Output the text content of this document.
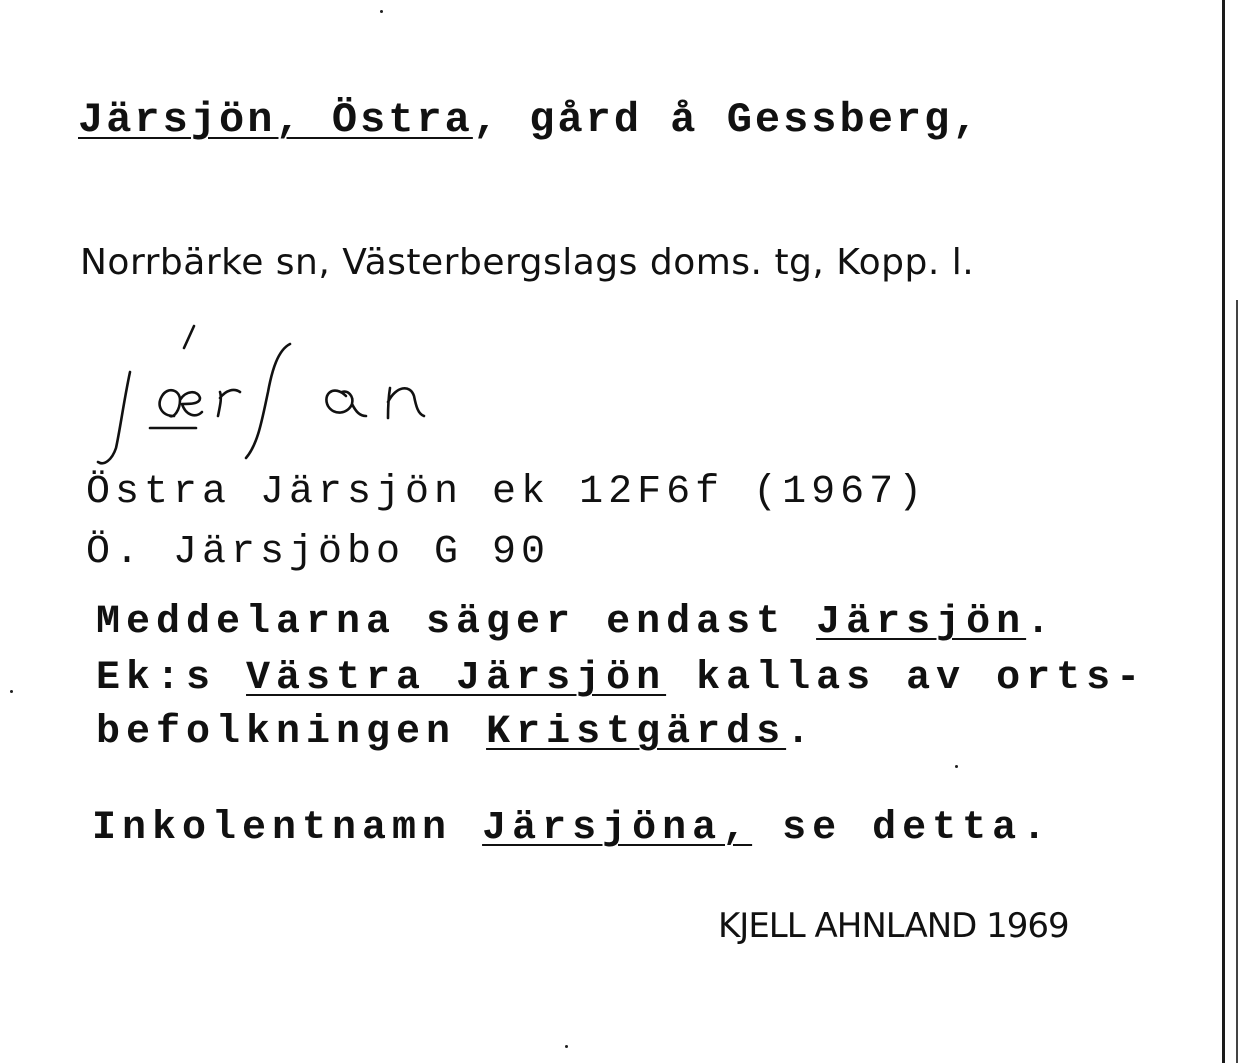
Järsjön, Östra, gård å Gessberg,
Norrbärke sn, Västerbergslags doms. tg, Kopp. l.
Östra Järsjön ek 12F6f (1967)
Ö. Järsjöbo G 90
Meddelarna säger endast Järsjön.
Ek:s Västra Järsjön kallas av orts-
befolkningen Kristgärds.
Inkolentnamn Järsjöna, se detta.
KJELL AHNLAND 1969
